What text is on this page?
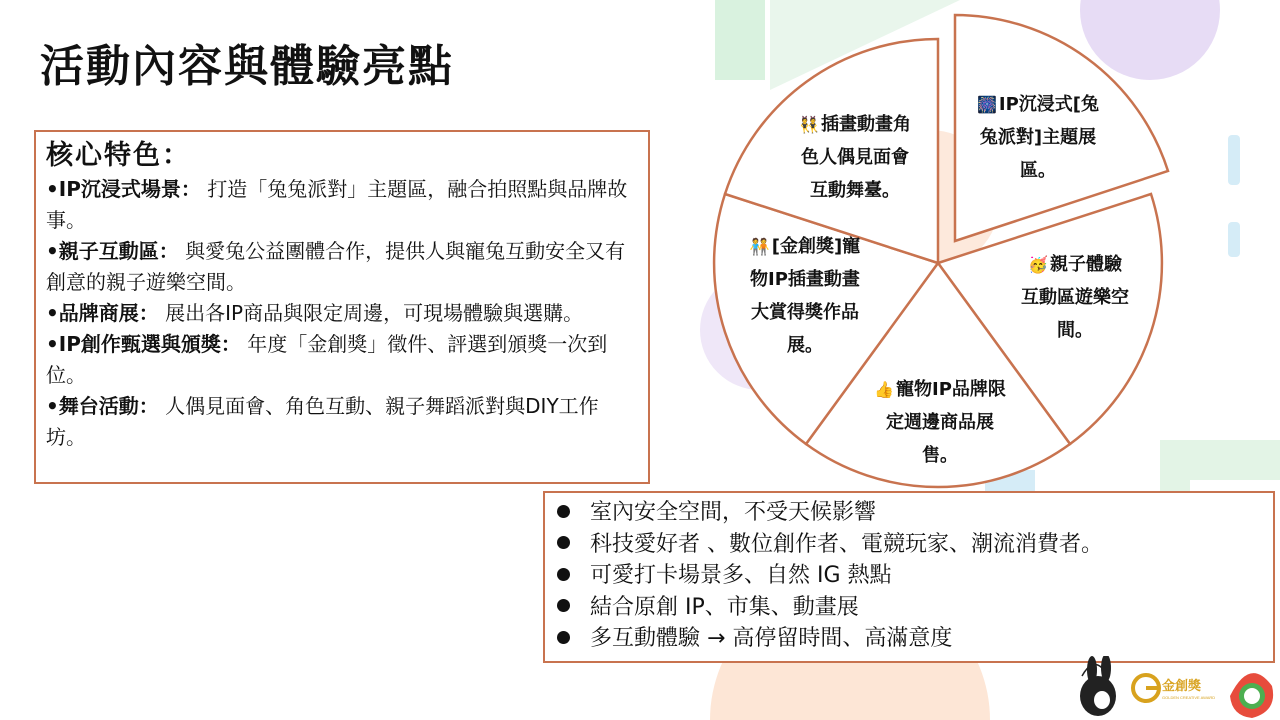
活動內容與體驗亮點
核心特色：

•IP沉浸式場景： 打造「兔兔派對」主題區，融合拍照點與品牌故事。

•親子互動區： 與愛兔公益團體合作，提供人與寵兔互動安全又有創意的親子遊樂空間。

•品牌商展： 展出各IP商品與限定周邊，可現場體驗與選購。

•IP創作甄選與頒獎： 年度「金創獎」徵件、評選到頒獎一次到位。

•舞台活動： 人偶見面會、角色互動、親子舞蹈派對與DIY工作坊。

🎆 IP沉浸式[兔
兔派對]主題展
區。
🥳 親子體驗
互動區遊樂空
間。
👍 寵物IP品牌限
定週邊商品展
售。
🧑‍🤝‍🧑 [金創獎]寵
物IP插畫動畫
大賞得獎作品
展。
👯 插畫動畫角
色人偶見面會
互動舞臺。
室內安全空間，不受天候影響
科技愛好者 、數位創作者、電競玩家、潮流消費者。
可愛打卡場景多、自然 IG 熱點
結合原創 IP、市集、動畫展
多互動體驗 → 高停留時間、高滿意度
金創獎
GOLDEN CREATIVE AWARD
